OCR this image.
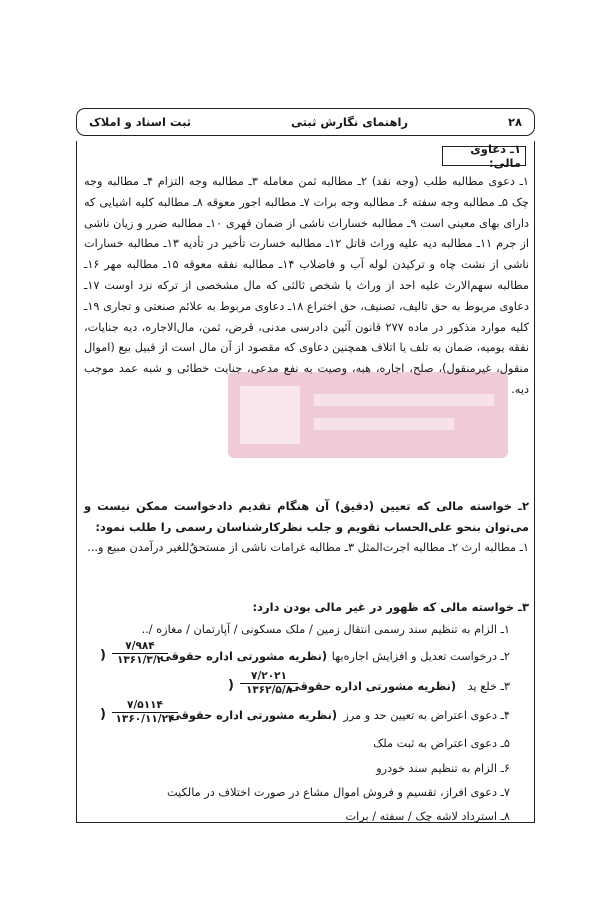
۲۸
راهنمای نگارش ثبتی
ثبت اسناد و املاک
۱ـ دعاوی مالی:

۱ـ دعوی مطالبه طلب (وجه نقد) ۲ـ مطالبه ثمن معامله ۳ـ مطالبه وجه التزام ۴ـ مطالبه وجه چک ۵ـ مطالبه وجه سفته ۶ـ مطالبه وجه برات ۷ـ مطالبه اجور معوقه ۸ـ مطالبه کلیه اشیایی که دارای بهای معینی است ۹ـ مطالبه خسارات ناشی از ضمان قهری ۱۰ـ مطالبه ضرر و زیان ناشی از جرم ۱۱ـ مطالبه دیه علیه وراث قاتل ۱۲ـ مطالبه خسارت تأخیر در تأدیه ۱۳ـ مطالبه خسارات ناشی از نشت چاه و ترکیدن لوله آب و فاضلاب ۱۴ـ مطالبه نفقه معوقه ۱۵ـ مطالبه مهر ۱۶ـ مطالبه سهم‌الارث علیه احد از وراث یا شخص ثالثی که مال مشخصی از ترکه نزد اوست ۱۷ـ دعاوی مربوط به حق تالیف، تصنیف، حق اختراع ۱۸ـ دعاوی مربوط به علائم صنعتی و تجاری ۱۹ـ کلیه موارد مذکور در ماده ۲۷۷ قانون آئین دادرسی مدنی، قرض، ثمن، مال‌الاجاره، دیه جنایات، نفقه یومیه، ضمان به تلف یا اتلاف همچنین دعاوی که مقصود از آن مال است از قبیل بیع (اموال منقول، غیرمنقول)، صلح، اجاره، هبه، وصیت به نفع مدعی، جنایت خطائی و شبه عمد موجب دیه.

۲ـ خواسته مالی که تعیین (دقیق) آن هنگام تقدیم دادخواست ممکن نیست و می‌توان بنحو علی‌الحساب تقویم و جلب نظرکارشناسان رسمی را طلب نمود:

۱ـ مطالبه ارث ۲ـ مطالبه اجرت‌المثل ۳ـ مطالبه غرامات ناشی از مستحقٌ‌للغیر درآمدن مبیع و...

۳ـ خواسته مالی که ظهور در غیر مالی بودن دارد:

۱ـ الزام به تنظیم سند رسمی انتقال زمین / ملک مسکونی / آپارتمان / مغازه /..

۲ـ درخواست تعدیل و افزایش اجاره‌بها

(نظریه مشورتی اداره حقوقی
۷/۹۸۴
۱۳۶۱/۳/۲
)

۳ـ خلع ید

(نظریه مشورتی اداره حقوقی
۷/۲۰۲۱
۱۳۶۲/۵/۸
)

۴ـ دعوی اعتراض به تعیین حد و مرز

(نظریه مشورتی اداره حقوقی
۷/۵۱۱۴
۱۳۶۰/۱۱/۲۴
)

۵ـ دعوی اعتراض به ثبت ملک

۶ـ الزام به تنظیم سند خودرو

۷ـ دعوی افراز، تقسیم و فروش اموال مشاع در صورت اختلاف در مالکیت

۸ـ استرداد لاشه چک / سفته / برات
